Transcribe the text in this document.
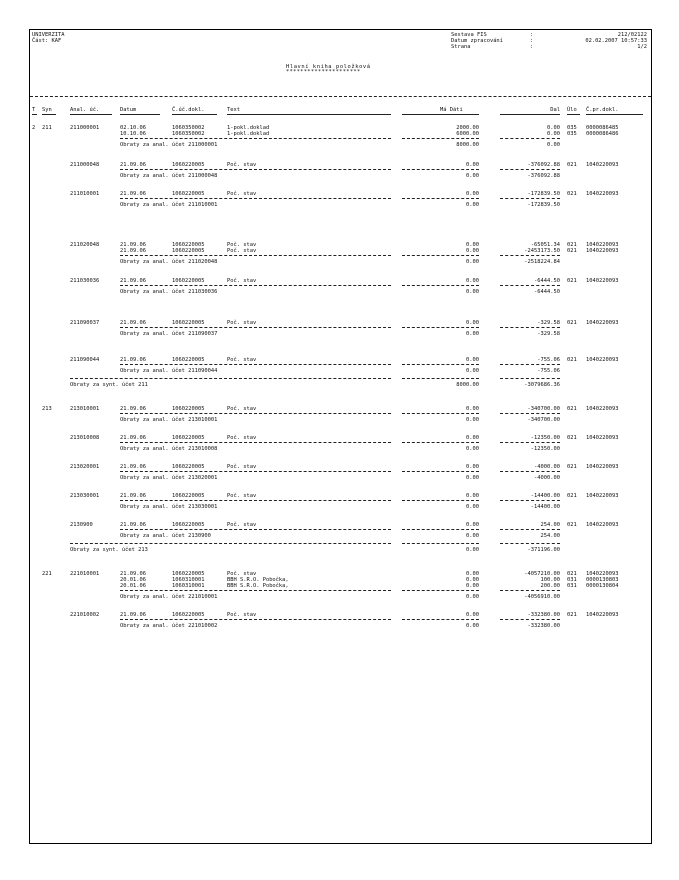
UNIVERZITA
Část: KAF
Sestava FIS
Datum zpracování
Strana
:
:
:
212/02122
02.02.2007 10:57:33
1/2
Hlavní kniha položková
*********************
T Syn	Anal. úč.	Datum	Č.úč.dokl.	Text	Má Dáti	Dal Úlo Č.pr.dokl.
2 211	211000001	02.10.06	1060350002	1-pokl.doklad	2000.00	0.00 035 0000086485
10.10.06	1060350002	1-pokl.doklad	6000.00	0.00 035 0000086486
Obraty za anal. účet 211000001	8000.00	0.00
211000048	21.09.06	1060220005	Poč. stav	0.00	-376092.88 021 1040220093
Obraty za anal. účet 211000048	0.00	-376092.88
211010001	21.09.06	1060220005	Poč. stav	0.00	-172839.50 021 1040220093
Obraty za anal. účet 211010001	0.00	-172839.50
211020048	21.09.06	1060220005	Poč. stav	0.00	-65051.34 021 1040220093
21.09.06	1060220005	Poč. stav	0.00	-2453173.50 021 1040220093
Obraty za anal. účet 211020048	0.00	-2518224.84
211030036	21.09.06	1060220005	Poč. stav	0.00	-6444.50 021 1040220093
Obraty za anal. účet 211030036	0.00	-6444.50
211090037	21.09.06	1060220005	Poč. stav	0.00	-329.58 021 1040220093
Obraty za anal. účet 211090037	0.00	-329.58
211090044	21.09.06	1060220005	Poč. stav	0.00	-755.06 021 1040220093
Obraty za anal. účet 211090044	0.00	-755.06
Obraty za synt. účet 211	8000.00	-3079686.36
213	213010001	21.09.06	1060220005	Poč. stav	0.00	-340700.00 021 1040220093
Obraty za anal. účet 213010001	0.00	-340700.00
213010008	21.09.06	1060220005	Poč. stav	0.00	-12350.00 021 1040220093
Obraty za anal. účet 213010008	0.00	-12350.00
213020001	21.09.06	1060220005	Poč. stav	0.00	-4000.00 021 1040220093
Obraty za anal. účet 213020001	0.00	-4000.00
213030001	21.09.06	1060220005	Poč. stav	0.00	-14400.00 021 1040220093
Obraty za anal. účet 213030001	0.00	-14400.00
2130900	21.09.06	1060220005	Poč. stav	0.00	254.00 021 1040220093
Obraty za anal. účet 2130900	0.00	254.00
Obraty za synt. účet 213	0.00	-371196.00
221	221010001	21.09.06	1060220005	Poč. stav	0.00	-4057210.00 021 1040220093
20.01.06	1060310001	BBH S.R.O. Pobočka,	0.00	100.00 031 0000130803
20.01.06	1060310001	BBH S.R.O. Pobočka,	0.00	200.00 031 0000130804
Obraty za anal. účet 221010001	0.00	-4056910.00
221010002	21.09.06	1060220005	Poč. stav	0.00	-332380.00 021 1040220093
Obraty za anal. účet 221010002	0.00	-332380.00
